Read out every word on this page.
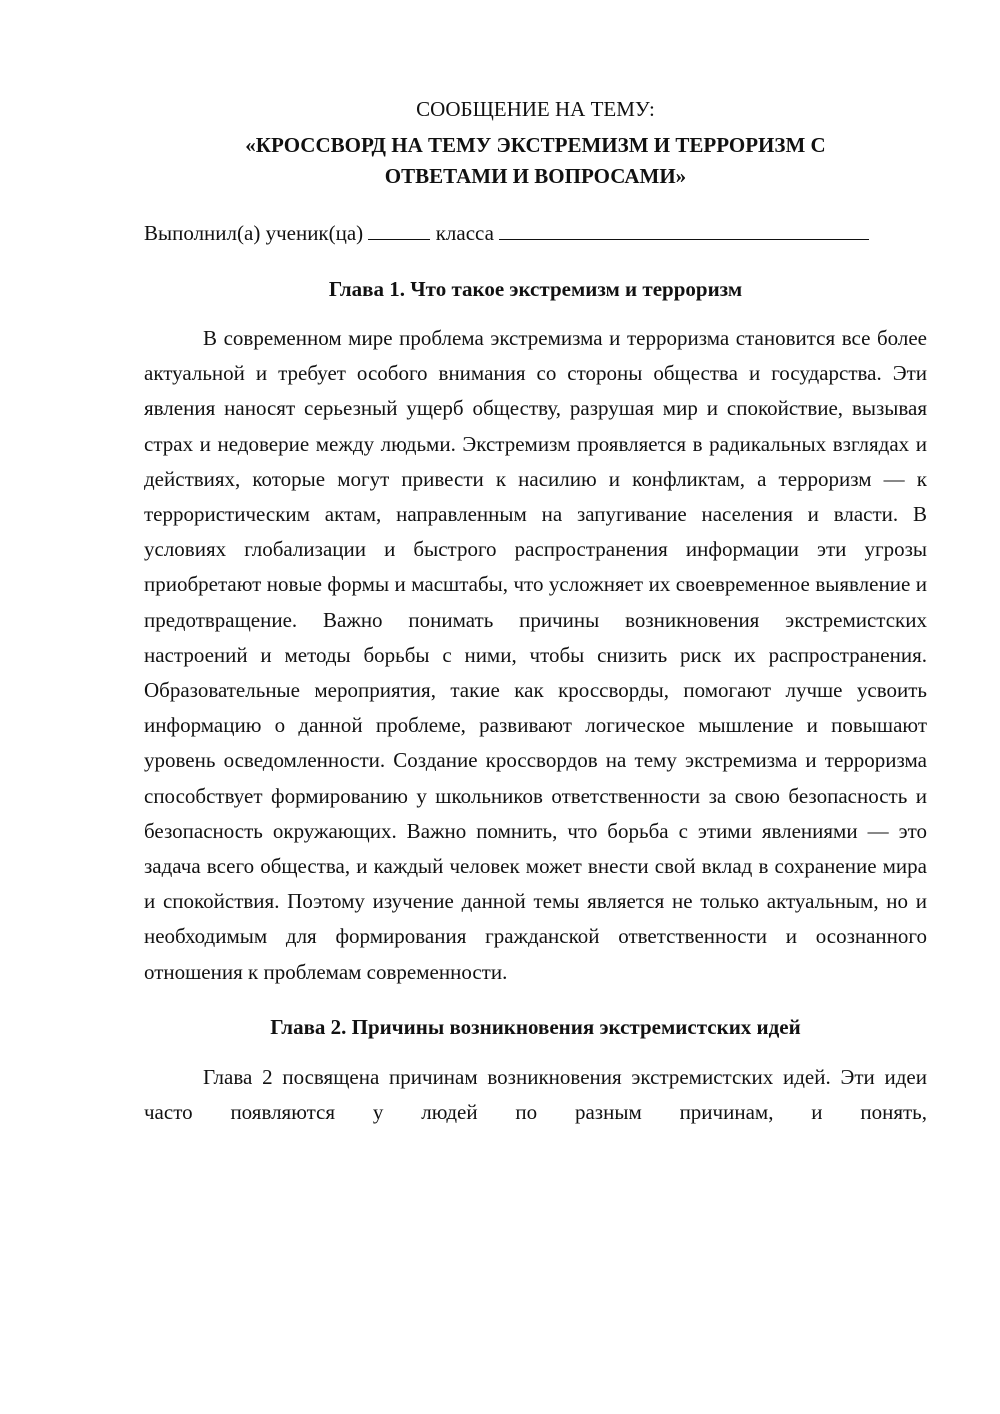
СООБЩЕНИЕ НА ТЕМУ:

«КРОССВОРД НА ТЕМУ ЭКСТРЕМИЗМ И ТЕРРОРИЗМ С

ОТВЕТАМИ И ВОПРОСАМИ»

Выполнил(а) ученик(ца)	класса

Глава 1. Что такое экстремизм и терроризм

В современном мире проблема экстремизма и терроризма становится все более актуальной и требует особого внимания со стороны общества и государства. Эти явления наносят серьезный ущерб обществу, разрушая мир и спокойствие, вызывая страх и недоверие между людьми. Экстремизм проявляется в радикальных взглядах и действиях, которые могут привести к насилию и конфликтам, а терроризм — к террористическим актам, направленным на запугивание населения и власти. В условиях глобализации и быстрого распространения информации эти угрозы приобретают новые формы и масштабы, что усложняет их своевременное выявление и предотвращение. Важно понимать причины возникновения экстремистских настроений и методы борьбы с ними, чтобы снизить риск их распространения. Образовательные мероприятия, такие как кроссворды, помогают лучше усвоить информацию о данной проблеме, развивают логическое мышление и повышают уровень осведомленности. Создание кроссвордов на тему экстремизма и терроризма способствует формированию у школьников ответственности за свою безопасность и безопасность окружающих. Важно помнить, что борьба с этими явлениями — это задача всего общества, и каждый человек может внести свой вклад в сохранение мира и спокойствия. Поэтому изучение данной темы является не только актуальным, но и необходимым для формирования гражданской ответственности и осознанного отношения к проблемам современности.

Глава 2. Причины возникновения экстремистских идей

Глава 2 посвящена причинам возникновения экстремистских идей. Эти идеи часто появляются у людей по разным причинам, и понять,
